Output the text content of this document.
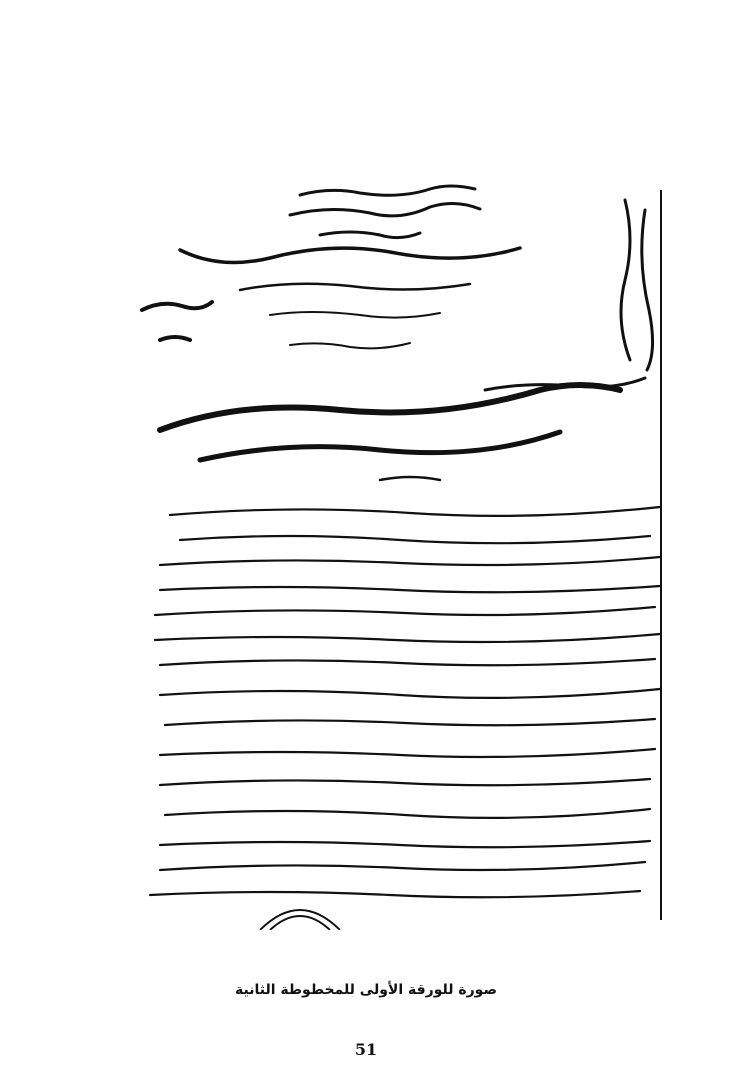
صورة للورقة الأولى للمخطوطة الثانية
51
